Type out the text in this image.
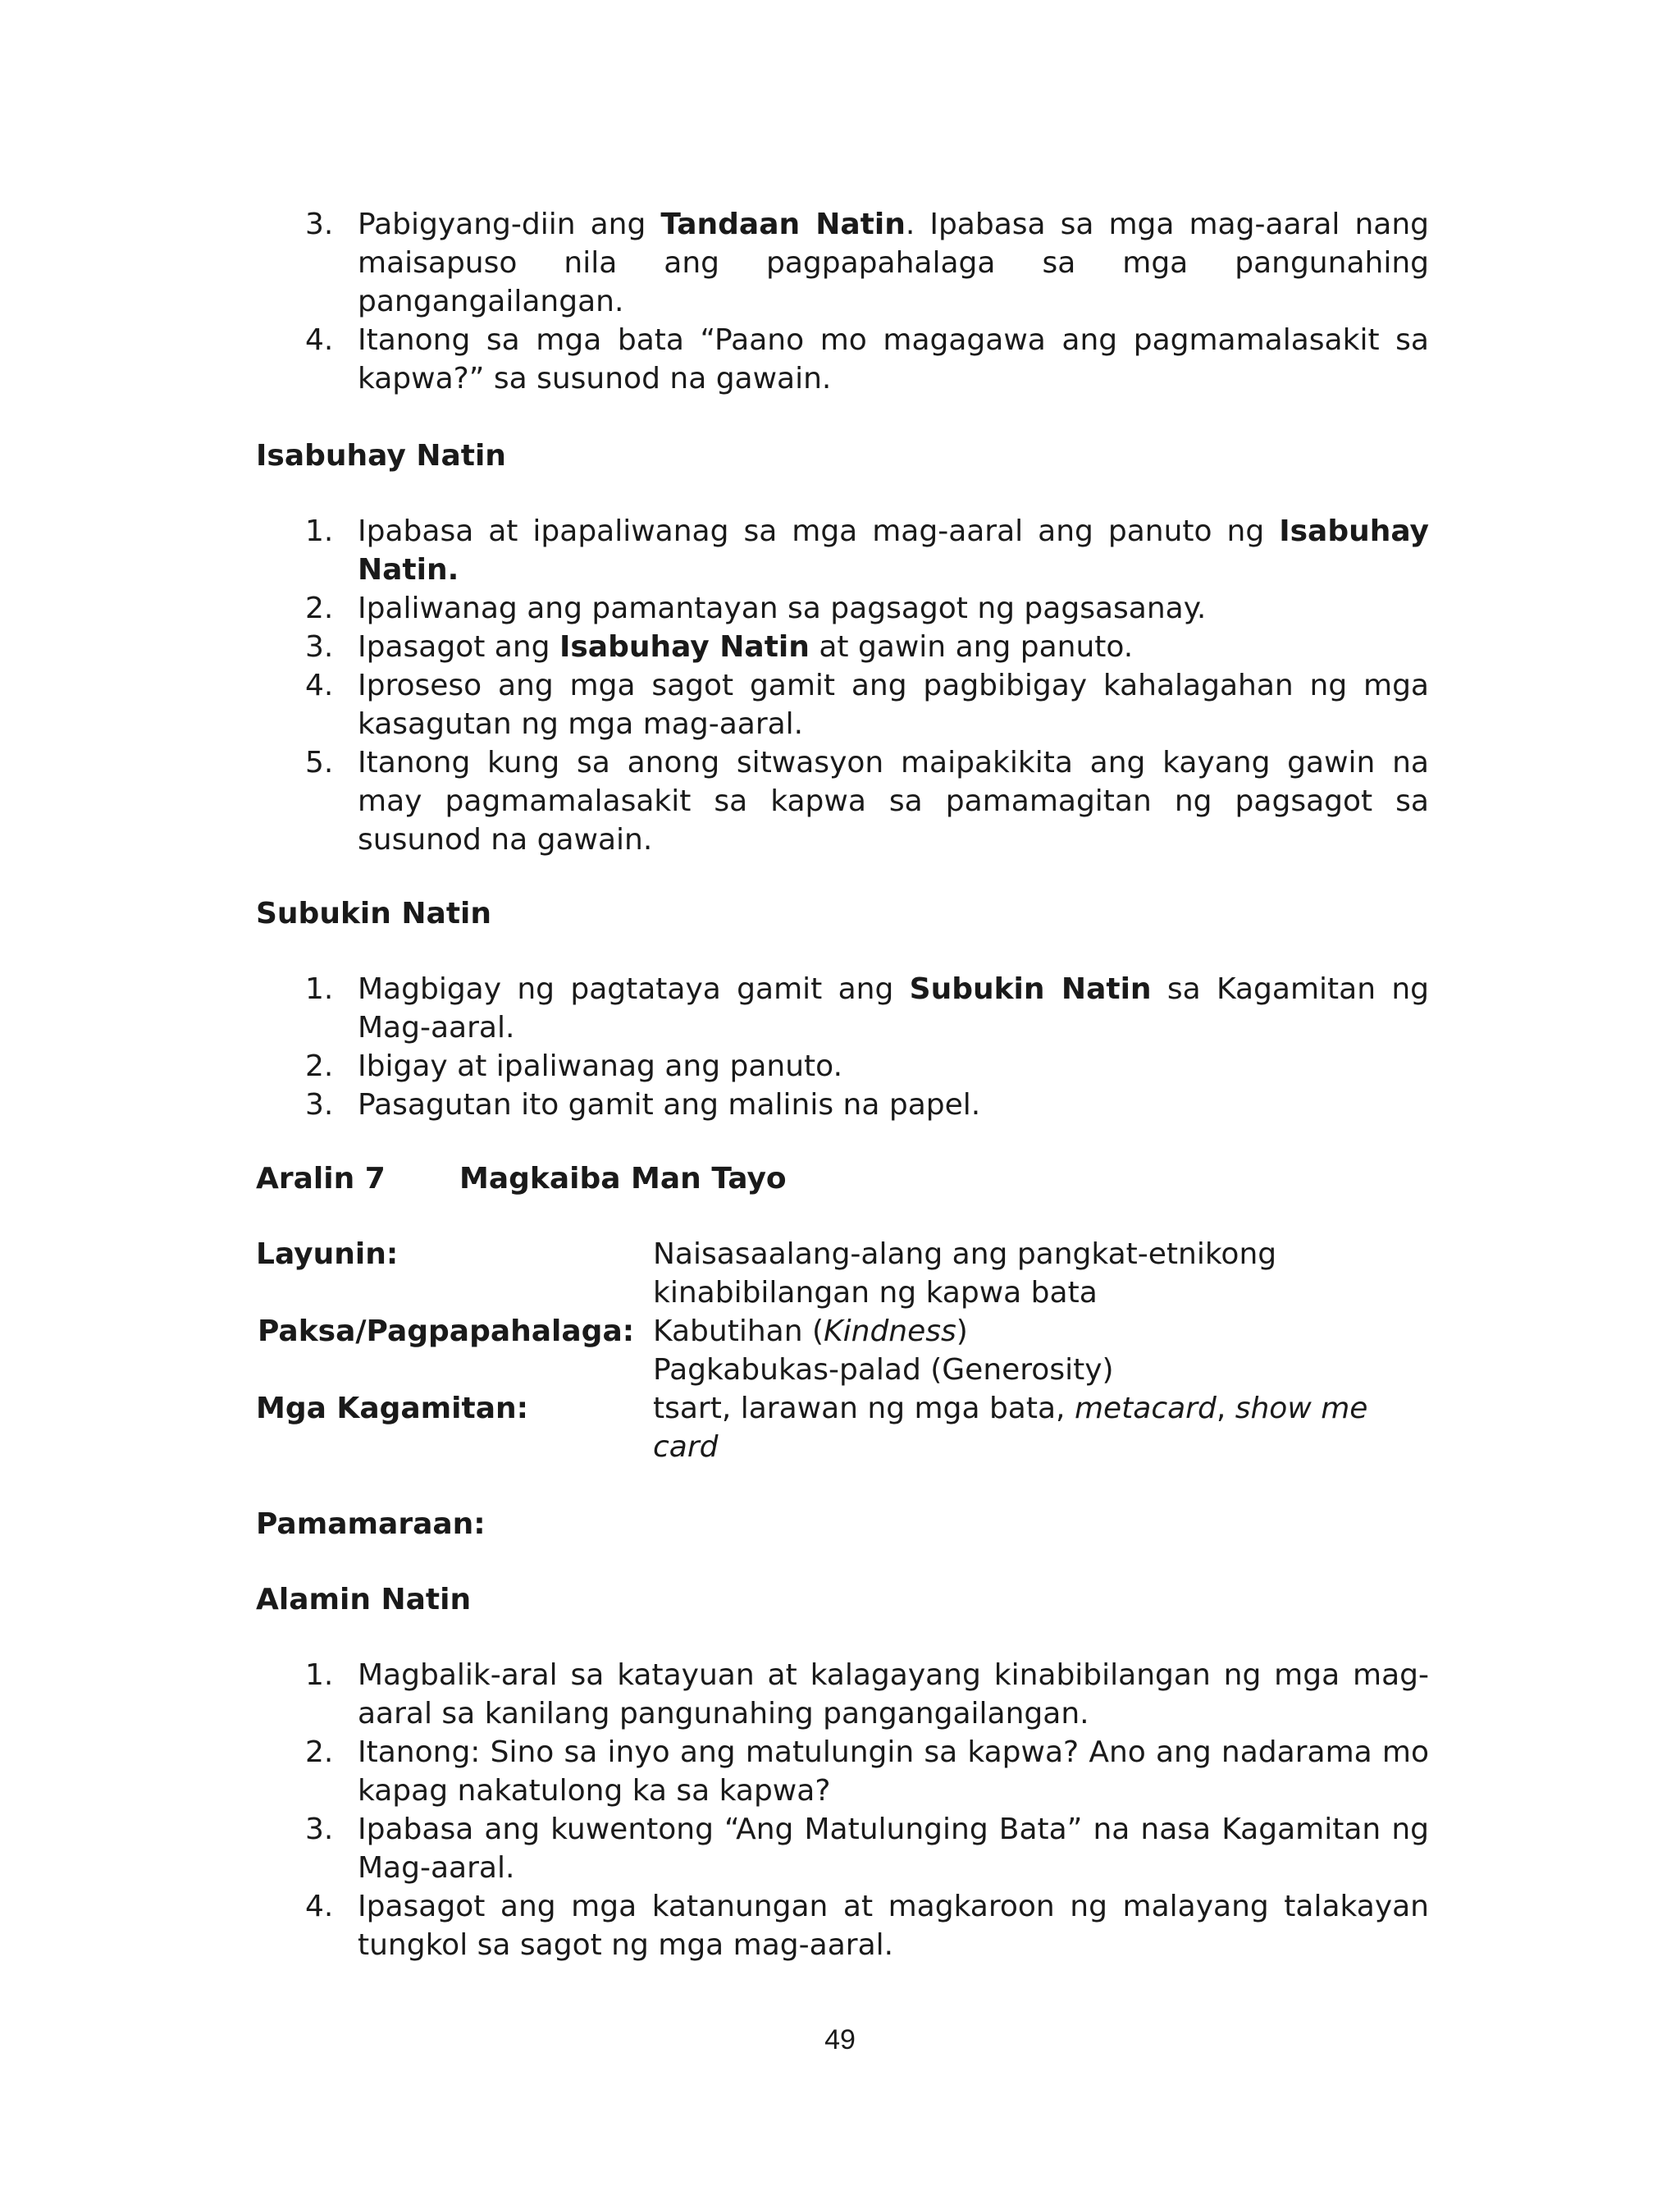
3. Pabigyang-diin ang Tandaan Natin. Ipabasa sa mga mag-aaral nang maisapuso nila ang pagpapahalaga sa mga pangunahing pangangailangan.
4. Itanong sa mga bata “Paano mo magagawa ang pagmamalasakit sa kapwa?” sa susunod na gawain.
Isabuhay Natin
1. Ipabasa at ipapaliwanag sa mga mag-aaral ang panuto ng Isabuhay Natin.
2. Ipaliwanag ang pamantayan sa pagsagot ng pagsasanay.
3. Ipasagot ang Isabuhay Natin at gawin ang panuto.
4. Iproseso ang mga sagot gamit ang pagbibigay kahalagahan ng mga kasagutan ng mga mag-aaral.
5. Itanong kung sa anong sitwasyon maipakikita ang kayang gawin na may pagmamalasakit sa kapwa sa pamamagitan ng pagsagot sa susunod na gawain.
Subukin Natin
1. Magbigay ng pagtataya gamit ang Subukin Natin sa Kagamitan ng Mag-aaral.
2. Ibigay at ipaliwanag ang panuto.
3. Pasagutan ito gamit ang malinis na papel.
Aralin 7	Magkaiba Man Tayo
Layunin:	Naisasaalang-alang ang pangkat-etnikong kinabibilangan ng kapwa bata
Paksa/Pagpapahalaga: Kabutihan (Kindness)
Pagkabukas-palad (Generosity)
Mga Kagamitan:	tsart, larawan ng mga bata, metacard, show me card
Pamamaraan:
Alamin Natin
1. Magbalik-aral sa katayuan at kalagayang kinabibilangan ng mga mag-aaral sa kanilang pangunahing pangangailangan.
2. Itanong: Sino sa inyo ang matulungin sa kapwa? Ano ang nadarama mo kapag nakatulong ka sa kapwa?
3. Ipabasa ang kuwentong “Ang Matulunging Bata” na nasa Kagamitan ng Mag-aaral.
4. Ipasagot ang mga katanungan at magkaroon ng malayang talakayan tungkol sa sagot ng mga mag-aaral.
49
